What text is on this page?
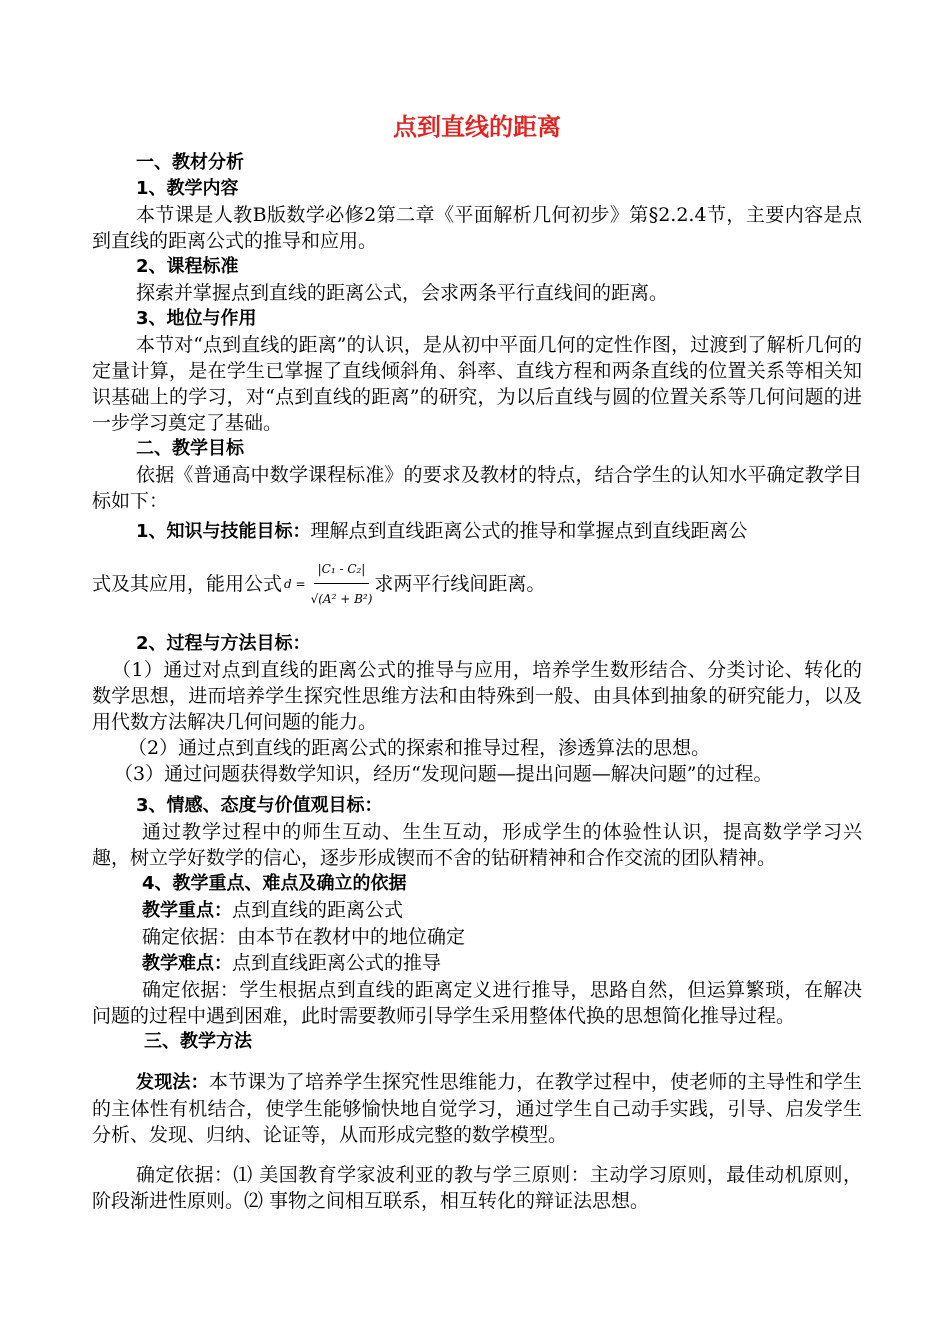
点到直线的距离
一、教材分析
1、教学内容
本节课是人教B版数学必修2第二章《平面解析几何初步》第§2.2.4节，主要内容是点到直线的距离公式的推导和应用。
2、课程标准
探索并掌握点到直线的距离公式，会求两条平行直线间的距离。
3、地位与作用
本节对“点到直线的距离”的认识，是从初中平面几何的定性作图，过渡到了解析几何的定量计算，是在学生已掌握了直线倾斜角、斜率、直线方程和两条直线的位置关系等相关知识基础上的学习，对“点到直线的距离”的研究，为以后直线与圆的位置关系等几何问题的进一步学习奠定了基础。
二、教学目标
依据《普通高中数学课程标准》的要求及教材的特点，结合学生的认知水平确定教学目标如下：
1、知识与技能目标：理解点到直线距离公式的推导和掌握点到直线距离公
式及其应用，能用公式 $d = \frac{\text{|C₁ - C₂|}}{\text{√(A² + B²)}}$ 求两平行线间距离。
2、过程与方法目标：
（1）通过对点到直线的距离公式的推导与应用，培养学生数形结合、分类讨论、转化的数学思想，进而培养学生探究性思维方法和由特殊到一般、由具体到抽象的研究能力，以及用代数方法解决几何问题的能力。
（2）通过点到直线的距离公式的探索和推导过程，渗透算法的思想。
（3）通过问题获得数学知识，经历“发现问题—提出问题—解决问题”的过程。
3、情感、态度与价值观目标：
通过教学过程中的师生互动、生生互动，形成学生的体验性认识，提高数学学习兴趣，树立学好数学的信心，逐步形成锲而不舍的钻研精神和合作交流的团队精神。
4、教学重点、难点及确立的依据
教学重点：点到直线的距离公式
确定依据：由本节在教材中的地位确定
教学难点：点到直线距离公式的推导
确定依据：学生根据点到直线的距离定义进行推导，思路自然，但运算繁琐，在解决问题的过程中遇到困难，此时需要教师引导学生采用整体代换的思想简化推导过程。
三、教学方法
发现法：本节课为了培养学生探究性思维能力，在教学过程中，使老师的主导性和学生的主体性有机结合，使学生能够愉快地自觉学习，通过学生自己动手实践，引导、启发学生分析、发现、归纳、论证等，从而形成完整的数学模型。
确定依据：⑴ 美国教育学家波利亚的教与学三原则：主动学习原则，最佳动机原则，阶段渐进性原则。⑵ 事物之间相互联系，相互转化的辩证法思想。
